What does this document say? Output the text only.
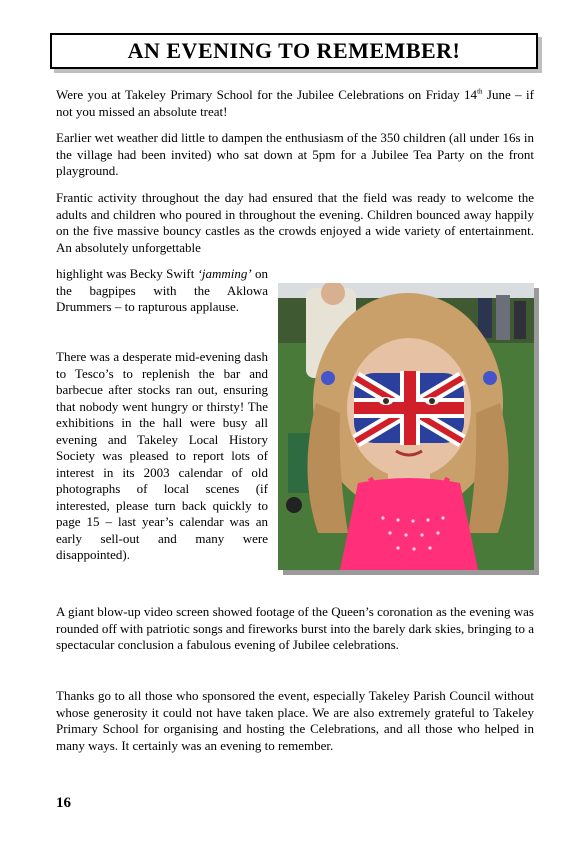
AN EVENING TO REMEMBER!

Were you at Takeley Primary School for the Jubilee Celebrations on Friday 14th June – if not you missed an absolute treat!

Earlier wet weather did little to dampen the enthusiasm of the 350 children (all under 16s in the village had been invited) who sat down at 5pm for a Jubilee Tea Party on the front playground.

Frantic activity throughout the day had ensured that the field was ready to welcome the adults and children who poured in throughout the evening. Children bounced away happily on the five massive bouncy castles as the crowds enjoyed a wide variety of entertainment. An absolutely unforgettable

highlight was Becky Swift ‘jamming’ on the bagpipes with the Aklowa Drummers – to rapturous applause.

There was a desperate mid-evening dash to Tesco’s to replenish the bar and barbecue after stocks ran out, ensuring that nobody went hungry or thirsty! The exhibitions in the hall were busy all evening and Takeley Local History Society was pleased to report lots of interest in its 2003 calendar of old photographs of local scenes (if interested, please turn back quickly to page 15 – last year’s calendar was an early sell-out and many were disappointed).

A giant blow-up video screen showed footage of the Queen’s coronation as the evening was rounded off with patriotic songs and fireworks burst into the barely dark skies, bringing to a spectacular conclusion a fabulous evening of Jubilee celebrations.

Thanks go to all those who sponsored the event, especially Takeley Parish Council without whose generosity it could not have taken place. We are also extremely grateful to Takeley Primary School for organising and hosting the Celebrations, and all those who helped in many ways. It certainly was an evening to remember.

16
